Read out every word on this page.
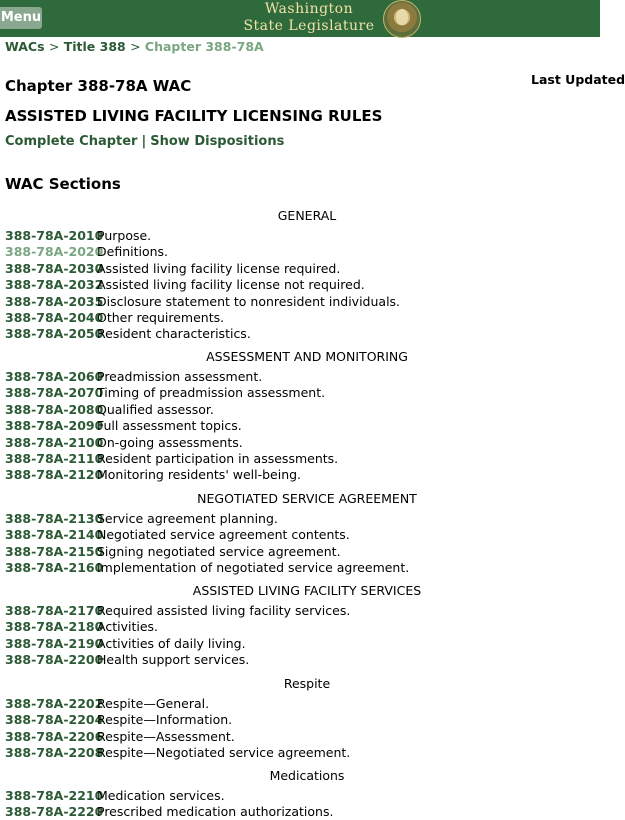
Menu
Washington
State Legislature
WACs > Title 388 > Chapter 388-78A
Chapter 388-78A WAC	Last Updated
ASSISTED LIVING FACILITY LICENSING RULES
Complete Chapter | Show Dispositions
WAC Sections
GENERAL
388-78A-2010Purpose.
388-78A-2020Definitions.
388-78A-2030Assisted living facility license required.
388-78A-2032Assisted living facility license not required.
388-78A-2035Disclosure statement to nonresident individuals.
388-78A-2040Other requirements.
388-78A-2050Resident characteristics.
ASSESSMENT AND MONITORING
388-78A-2060Preadmission assessment.
388-78A-2070Timing of preadmission assessment.
388-78A-2080Qualified assessor.
388-78A-2090Full assessment topics.
388-78A-2100On-going assessments.
388-78A-2110Resident participation in assessments.
388-78A-2120Monitoring residents' well-being.
NEGOTIATED SERVICE AGREEMENT
388-78A-2130Service agreement planning.
388-78A-2140Negotiated service agreement contents.
388-78A-2150Signing negotiated service agreement.
388-78A-2160Implementation of negotiated service agreement.
ASSISTED LIVING FACILITY SERVICES
388-78A-2170Required assisted living facility services.
388-78A-2180Activities.
388-78A-2190Activities of daily living.
388-78A-2200Health support services.
Respite
388-78A-2202Respite—General.
388-78A-2204Respite—Information.
388-78A-2206Respite—Assessment.
388-78A-2208Respite—Negotiated service agreement.
Medications
388-78A-2210Medication services.
388-78A-2220Prescribed medication authorizations.
